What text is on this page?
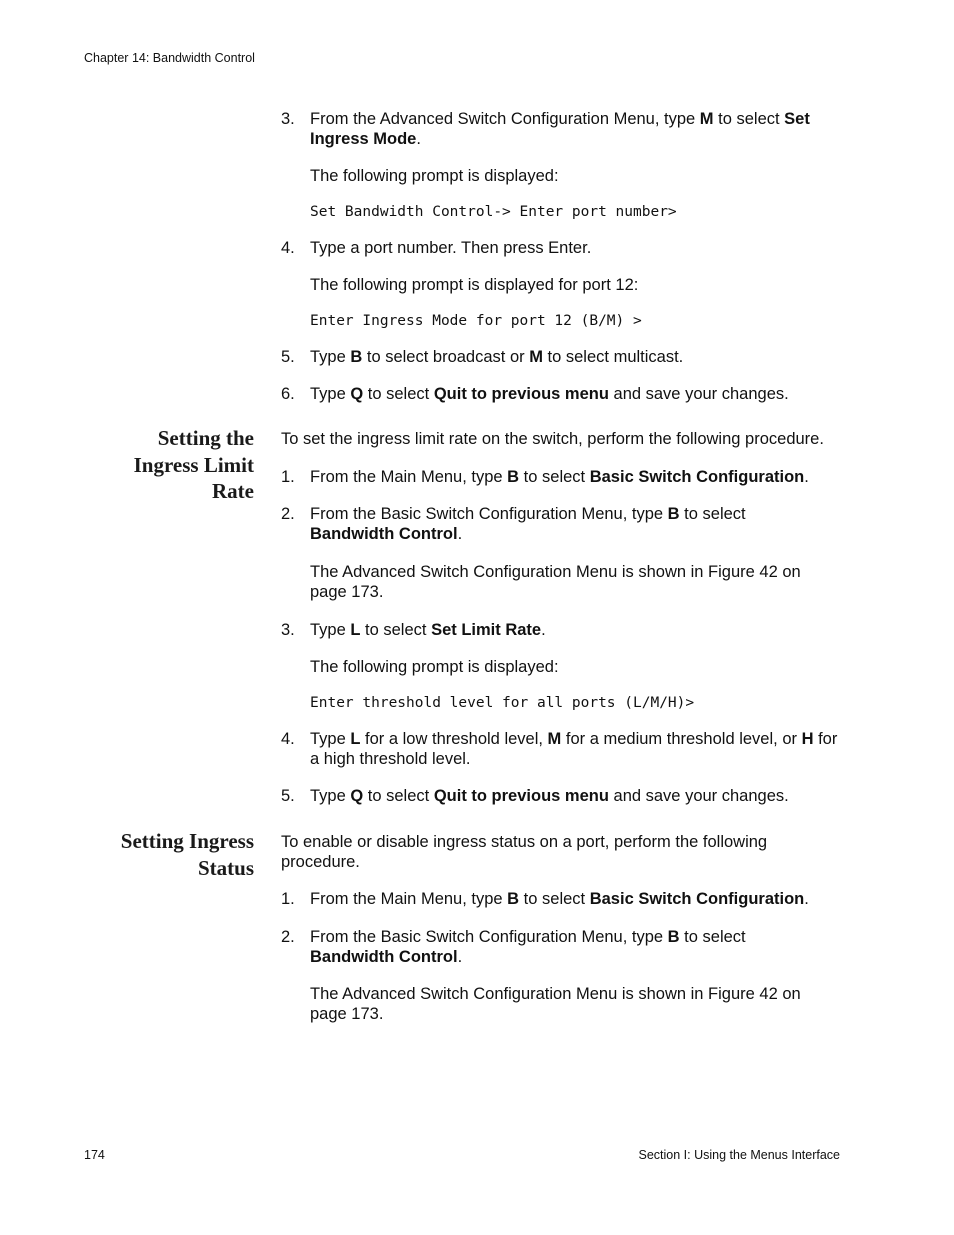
Chapter 14: Bandwidth Control
3. From the Advanced Switch Configuration Menu, type M to select Set Ingress Mode.
The following prompt is displayed:
Set Bandwidth Control-> Enter port number>
4. Type a port number. Then press Enter.
The following prompt is displayed for port 12:
Enter Ingress Mode for port 12 (B/M) >
5. Type B to select broadcast or M to select multicast.
6. Type Q to select Quit to previous menu and save your changes.
Setting the
Ingress Limit
Rate
To set the ingress limit rate on the switch, perform the following procedure.
1. From the Main Menu, type B to select Basic Switch Configuration.
2. From the Basic Switch Configuration Menu, type B to select Bandwidth Control.
The Advanced Switch Configuration Menu is shown in Figure 42 on
page 173.
3. Type L to select Set Limit Rate.
The following prompt is displayed:
Enter threshold level for all ports (L/M/H)>
4. Type L for a low threshold level, M for a medium threshold level, or H for a high threshold level.
5. Type Q to select Quit to previous menu and save your changes.
Setting Ingress
Status
To enable or disable ingress status on a port, perform the following
procedure.
1. From the Main Menu, type B to select Basic Switch Configuration.
2. From the Basic Switch Configuration Menu, type B to select Bandwidth Control.
The Advanced Switch Configuration Menu is shown in Figure 42 on
page 173.
174	Section I: Using the Menus Interface
